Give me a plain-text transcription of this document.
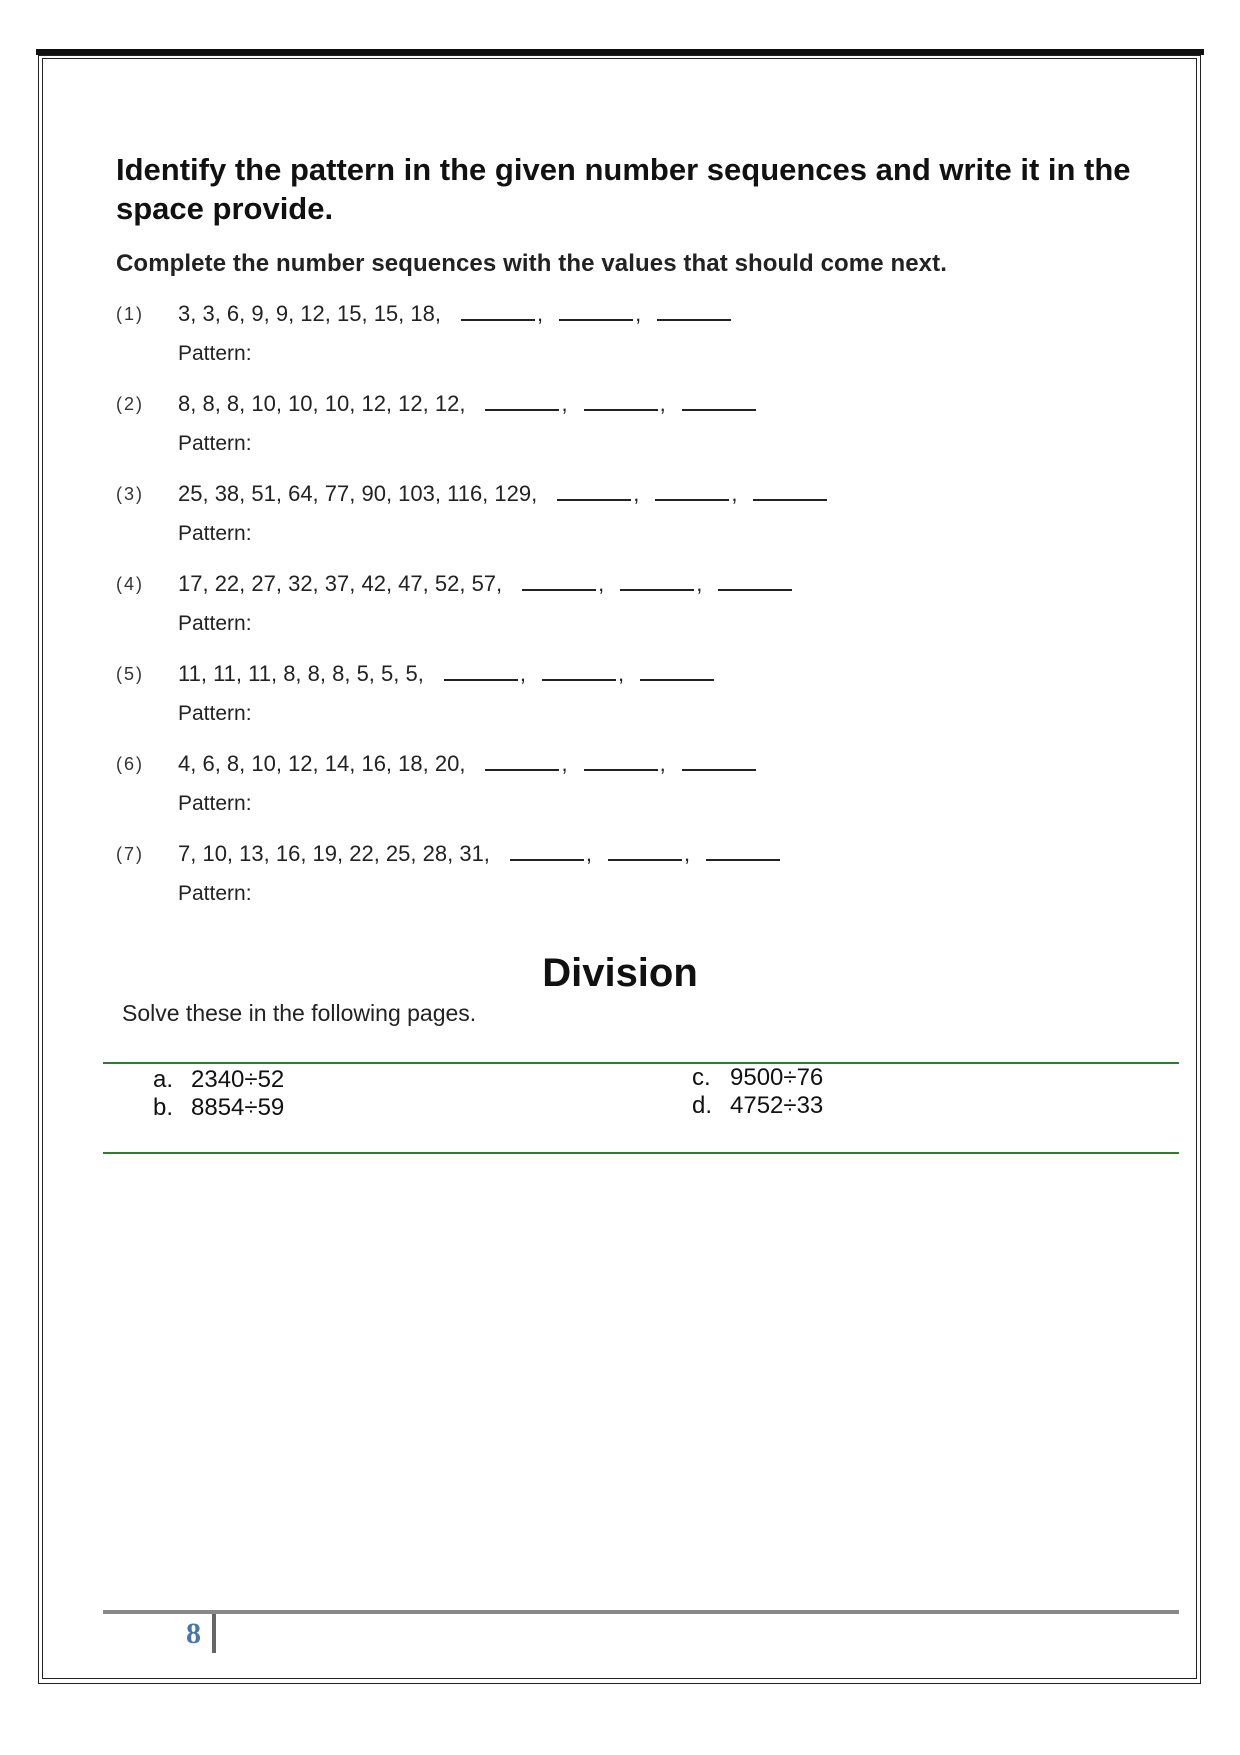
Identify the pattern in the given number sequences and write it in the space provide.
Complete the number sequences with the values that should come next.
(1) 3, 3, 6, 9, 9, 12, 15, 15, 18,	,	,
Pattern:
(2) 8, 8, 8, 10, 10, 10, 12, 12, 12,	,	,
Pattern:
(3) 25, 38, 51, 64, 77, 90, 103, 116, 129,	,	,
Pattern:
(4) 17, 22, 27, 32, 37, 42, 47, 52, 57,	,	,
Pattern:
(5) 11, 11, 11, 8, 8, 8, 5, 5, 5,	,	,
Pattern:
(6) 4, 6, 8, 10, 12, 14, 16, 18, 20,	,	,
Pattern:
(7) 7, 10, 13, 16, 19, 22, 25, 28, 31,	,	,
Pattern:
Division
Solve these in the following pages.
a. 2340÷52
b. 8854÷59
c. 9500÷76
d. 4752÷33
8
